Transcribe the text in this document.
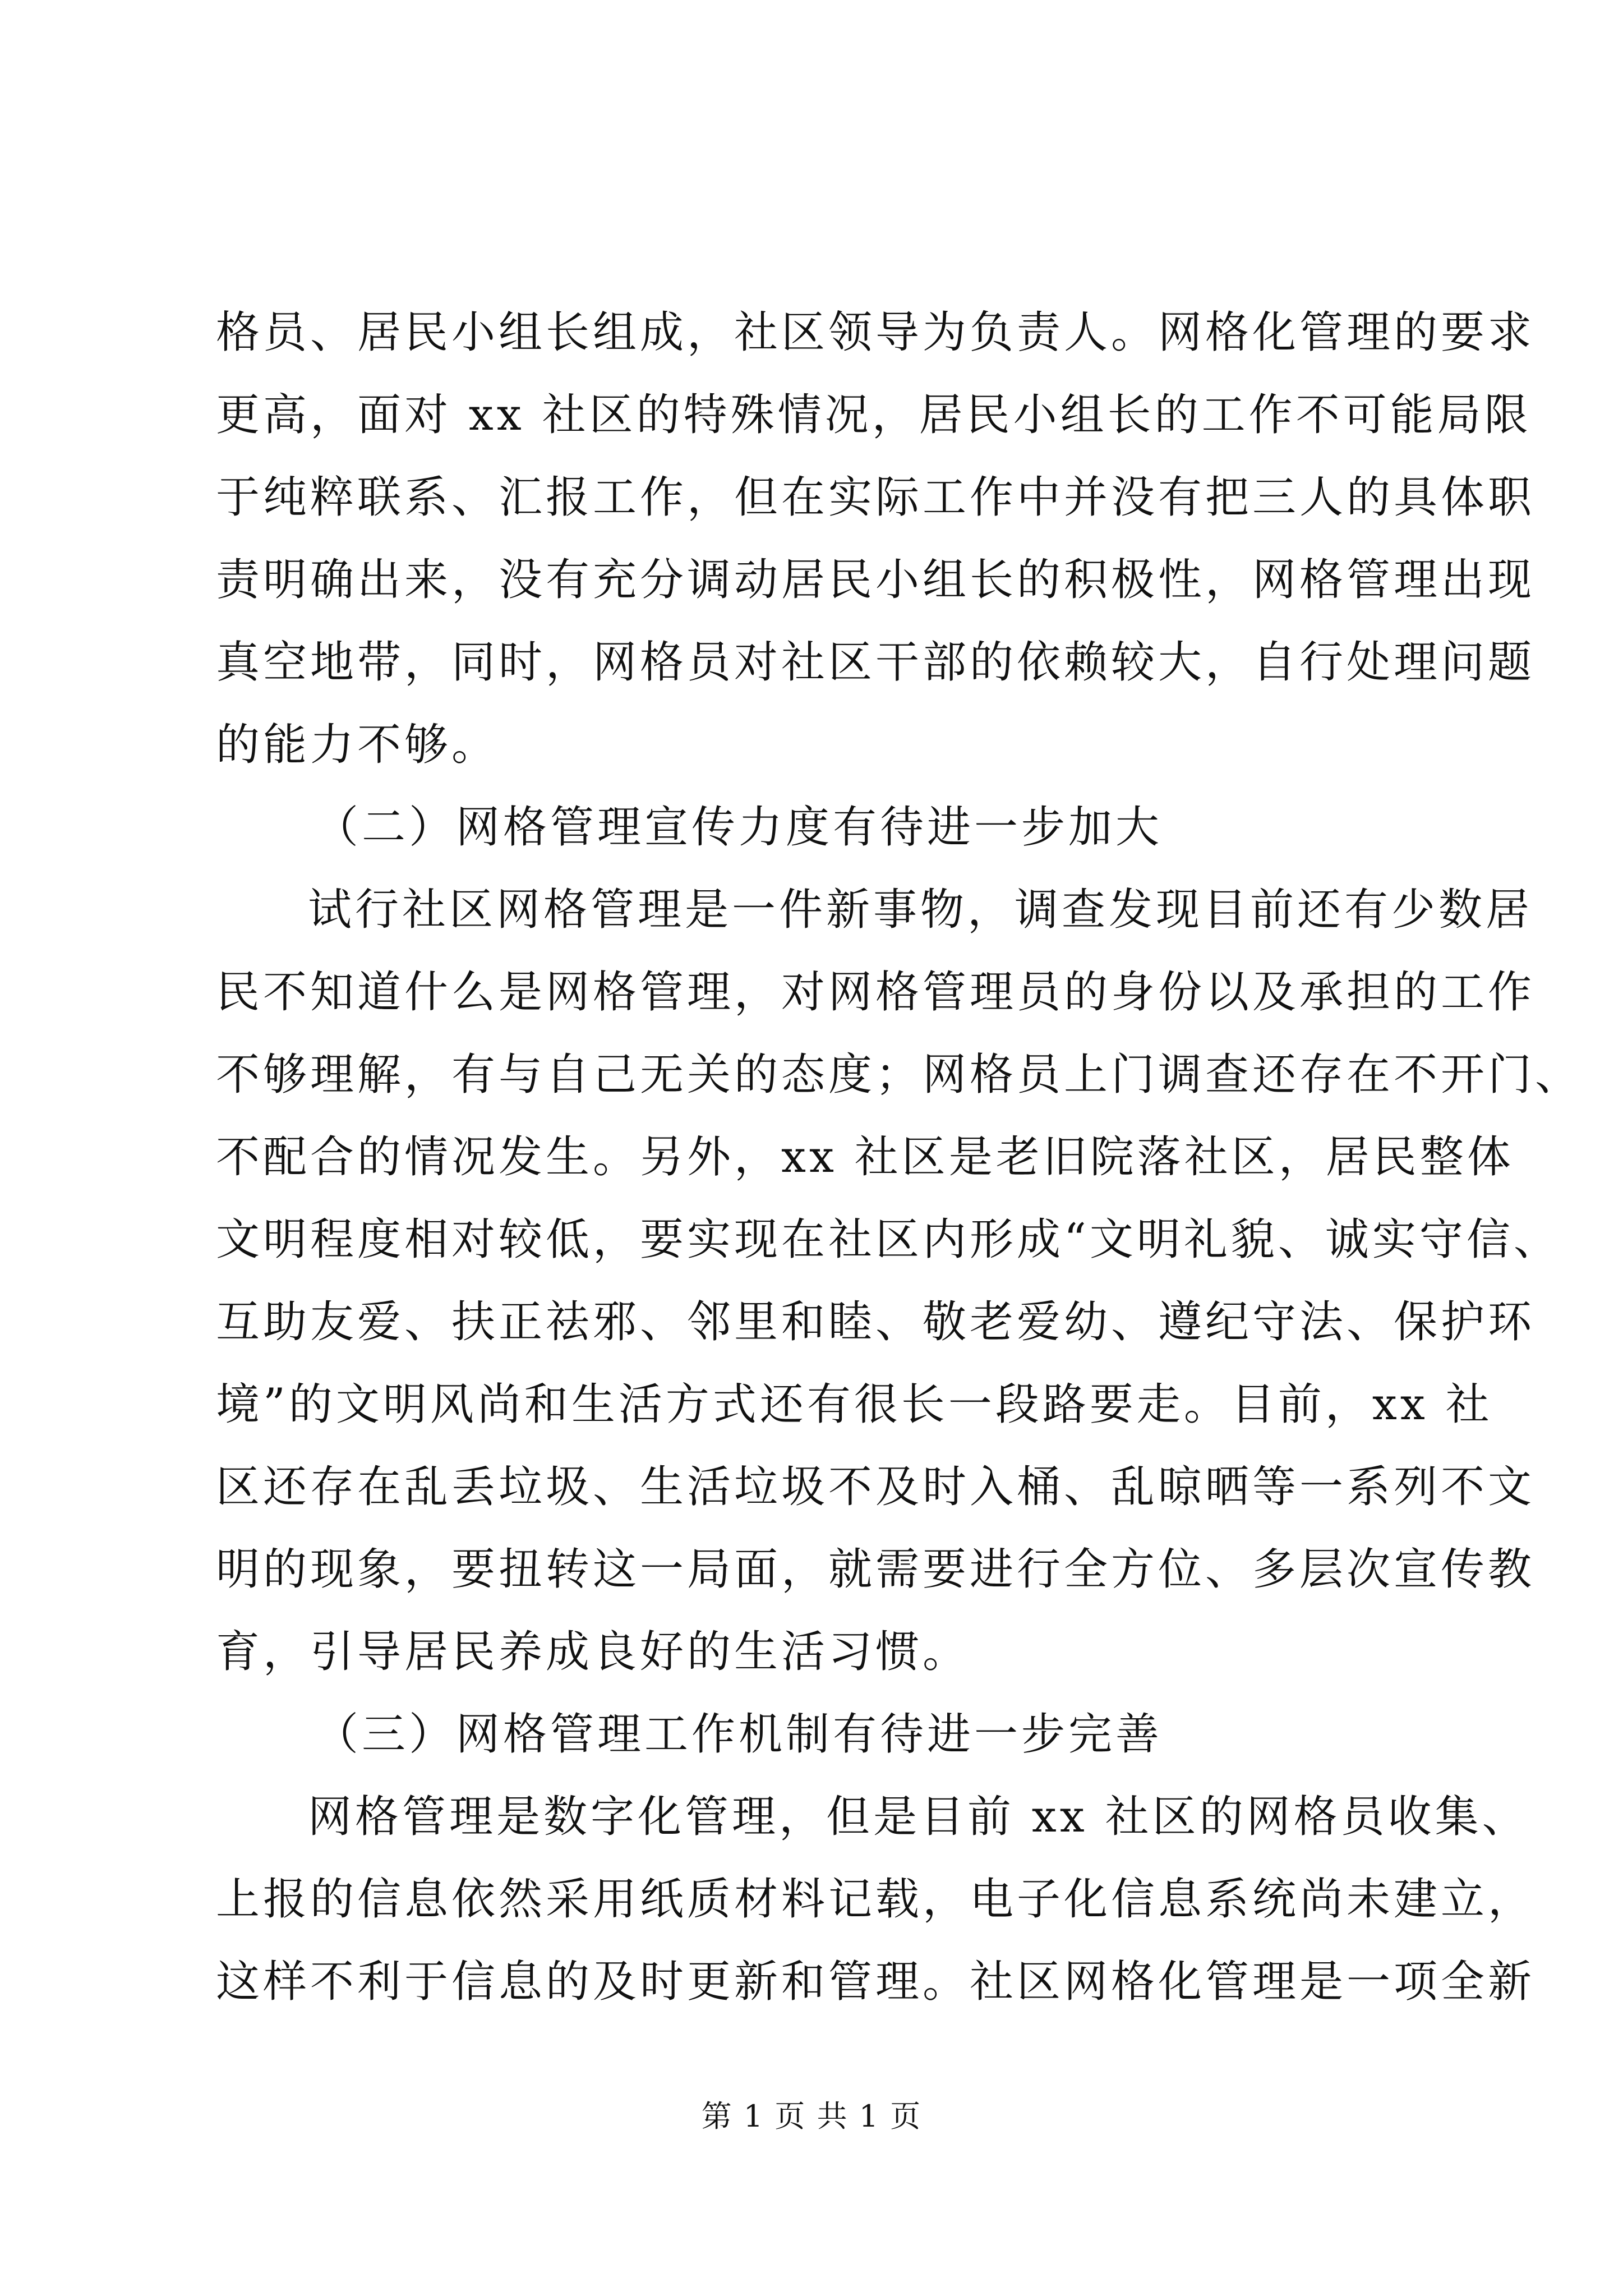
格员、居民小组长组成，社区领导为负责人。网格化管理的要求
更高，面对 xx 社区的特殊情况，居民小组长的工作不可能局限
于纯粹联系、汇报工作，但在实际工作中并没有把三人的具体职
责明确出来，没有充分调动居民小组长的积极性，网格管理出现
真空地带，同时，网格员对社区干部的依赖较大，自行处理问题
的能力不够。
（二）网格管理宣传力度有待进一步加大
试行社区网格管理是一件新事物，调查发现目前还有少数居
民不知道什么是网格管理，对网格管理员的身份以及承担的工作
不够理解，有与自己无关的态度；网格员上门调查还存在不开门、
不配合的情况发生。另外，xx 社区是老旧院落社区，居民整体
文明程度相对较低，要实现在社区内形成“文明礼貌、诚实守信、
互助友爱、扶正祛邪、邻里和睦、敬老爱幼、遵纪守法、保护环
境”的文明风尚和生活方式还有很长一段路要走。目前，xx 社
区还存在乱丢垃圾、生活垃圾不及时入桶、乱晾晒等一系列不文
明的现象，要扭转这一局面，就需要进行全方位、多层次宣传教
育，引导居民养成良好的生活习惯。
（三）网格管理工作机制有待进一步完善
网格管理是数字化管理，但是目前 xx 社区的网格员收集、
上报的信息依然采用纸质材料记载，电子化信息系统尚未建立，
这样不利于信息的及时更新和管理。社区网格化管理是一项全新
第 1 页 共 1 页
